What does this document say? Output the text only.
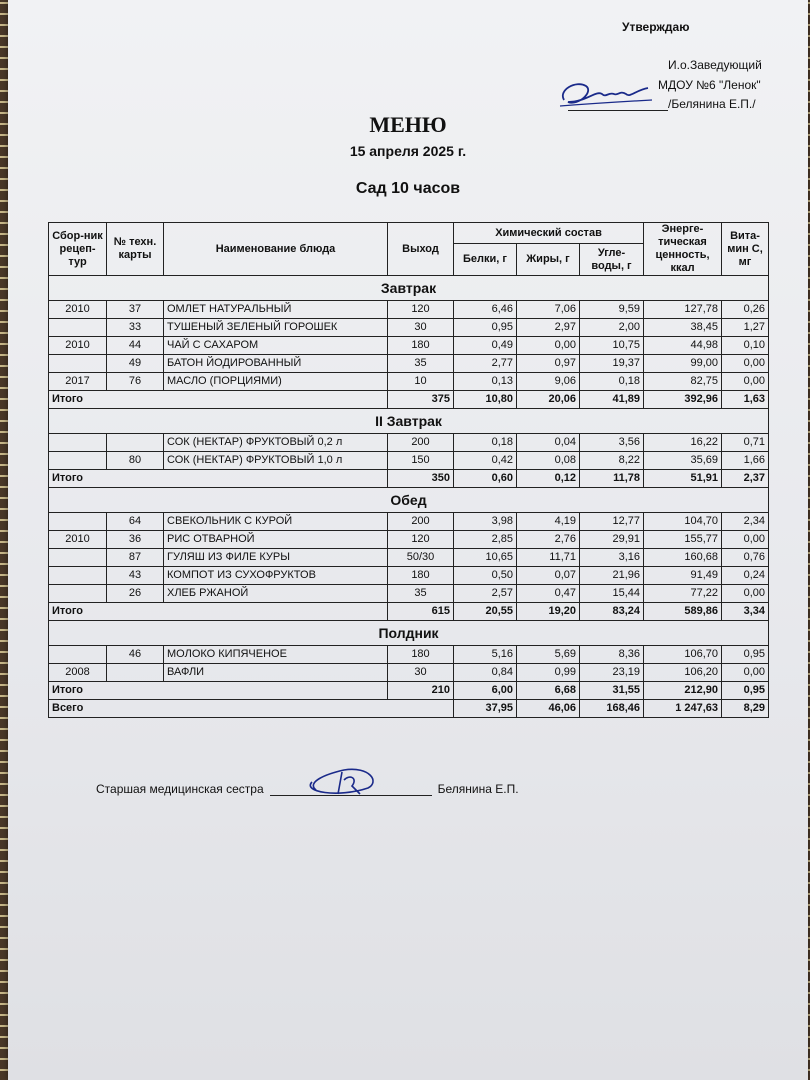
Утверждаю
И.о.Заведующий
МДОУ №6 "Ленок"
/Белянина Е.П./
МЕНЮ
15 апреля 2025 г.
Сад 10 часов
Сбор-ник рецеп-тур	№ техн. карты	Наименование блюда	Выход	Химический состав			Энерге-тическая ценность, ккал	Вита-мин С, мг
				Белки, г	Жиры, г	Угле-воды, г		
Завтрак								
2010	37	ОМЛЕТ НАТУРАЛЬНЫЙ	120	6,46	7,06	9,59	127,78	0,26
	33	ТУШЕНЫЙ ЗЕЛЕНЫЙ ГОРОШЕК	30	0,95	2,97	2,00	38,45	1,27
2010	44	ЧАЙ С САХАРОМ	180	0,49	0,00	10,75	44,98	0,10
	49	БАТОН ЙОДИРОВАННЫЙ	35	2,77	0,97	19,37	99,00	0,00
2017	76	МАСЛО (ПОРЦИЯМИ)	10	0,13	9,06	0,18	82,75	0,00
Итого			375	10,80	20,06	41,89	392,96	1,63
II Завтрак								
		СОК (НЕКТАР) ФРУКТОВЫЙ 0,2 л	200	0,18	0,04	3,56	16,22	0,71
	80	СОК (НЕКТАР) ФРУКТОВЫЙ 1,0 л	150	0,42	0,08	8,22	35,69	1,66
Итого			350	0,60	0,12	11,78	51,91	2,37
Обед								
	64	СВЕКОЛЬНИК С КУРОЙ	200	3,98	4,19	12,77	104,70	2,34
2010	36	РИС ОТВАРНОЙ	120	2,85	2,76	29,91	155,77	0,00
	87	ГУЛЯШ ИЗ ФИЛЕ КУРЫ	50/30	10,65	11,71	3,16	160,68	0,76
	43	КОМПОТ ИЗ СУХОФРУКТОВ	180	0,50	0,07	21,96	91,49	0,24
	26	ХЛЕБ РЖАНОЙ	35	2,57	0,47	15,44	77,22	0,00
Итого			615	20,55	19,20	83,24	589,86	3,34
Полдник								
	46	МОЛОКО КИПЯЧЕНОЕ	180	5,16	5,69	8,36	106,70	0,95
2008		ВАФЛИ	30	0,84	0,99	23,19	106,20	0,00
Итого			210	6,00	6,68	31,55	212,90	0,95
Всего				37,95	46,06	168,46	1 247,63	8,29
Старшая медицинская сестра	Белянина Е.П.
